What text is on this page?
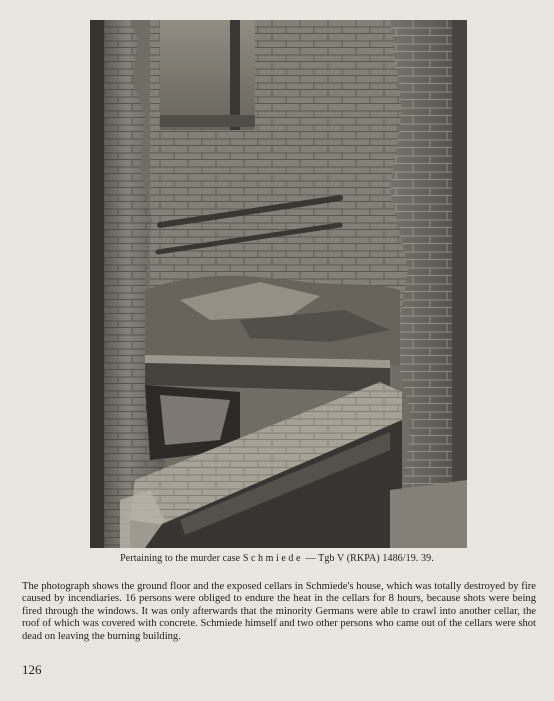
Pertaining to the murder case Schmiede — Tgb V (RKPA) 1486/19. 39.
The photograph shows the ground floor and the exposed cellars in Schmiede's house, which was totally destroyed by fire caused by incendiaries. 16 persons were obliged to endure the heat in the cellars for 8 hours, because shots were being fired through the windows. It was only afterwards that the minority Germans were able to crawl into another cellar, the roof of which was covered with concrete. Schmiede himself and two other persons who came out of the cellars were shot dead on leaving the burning building.
126
